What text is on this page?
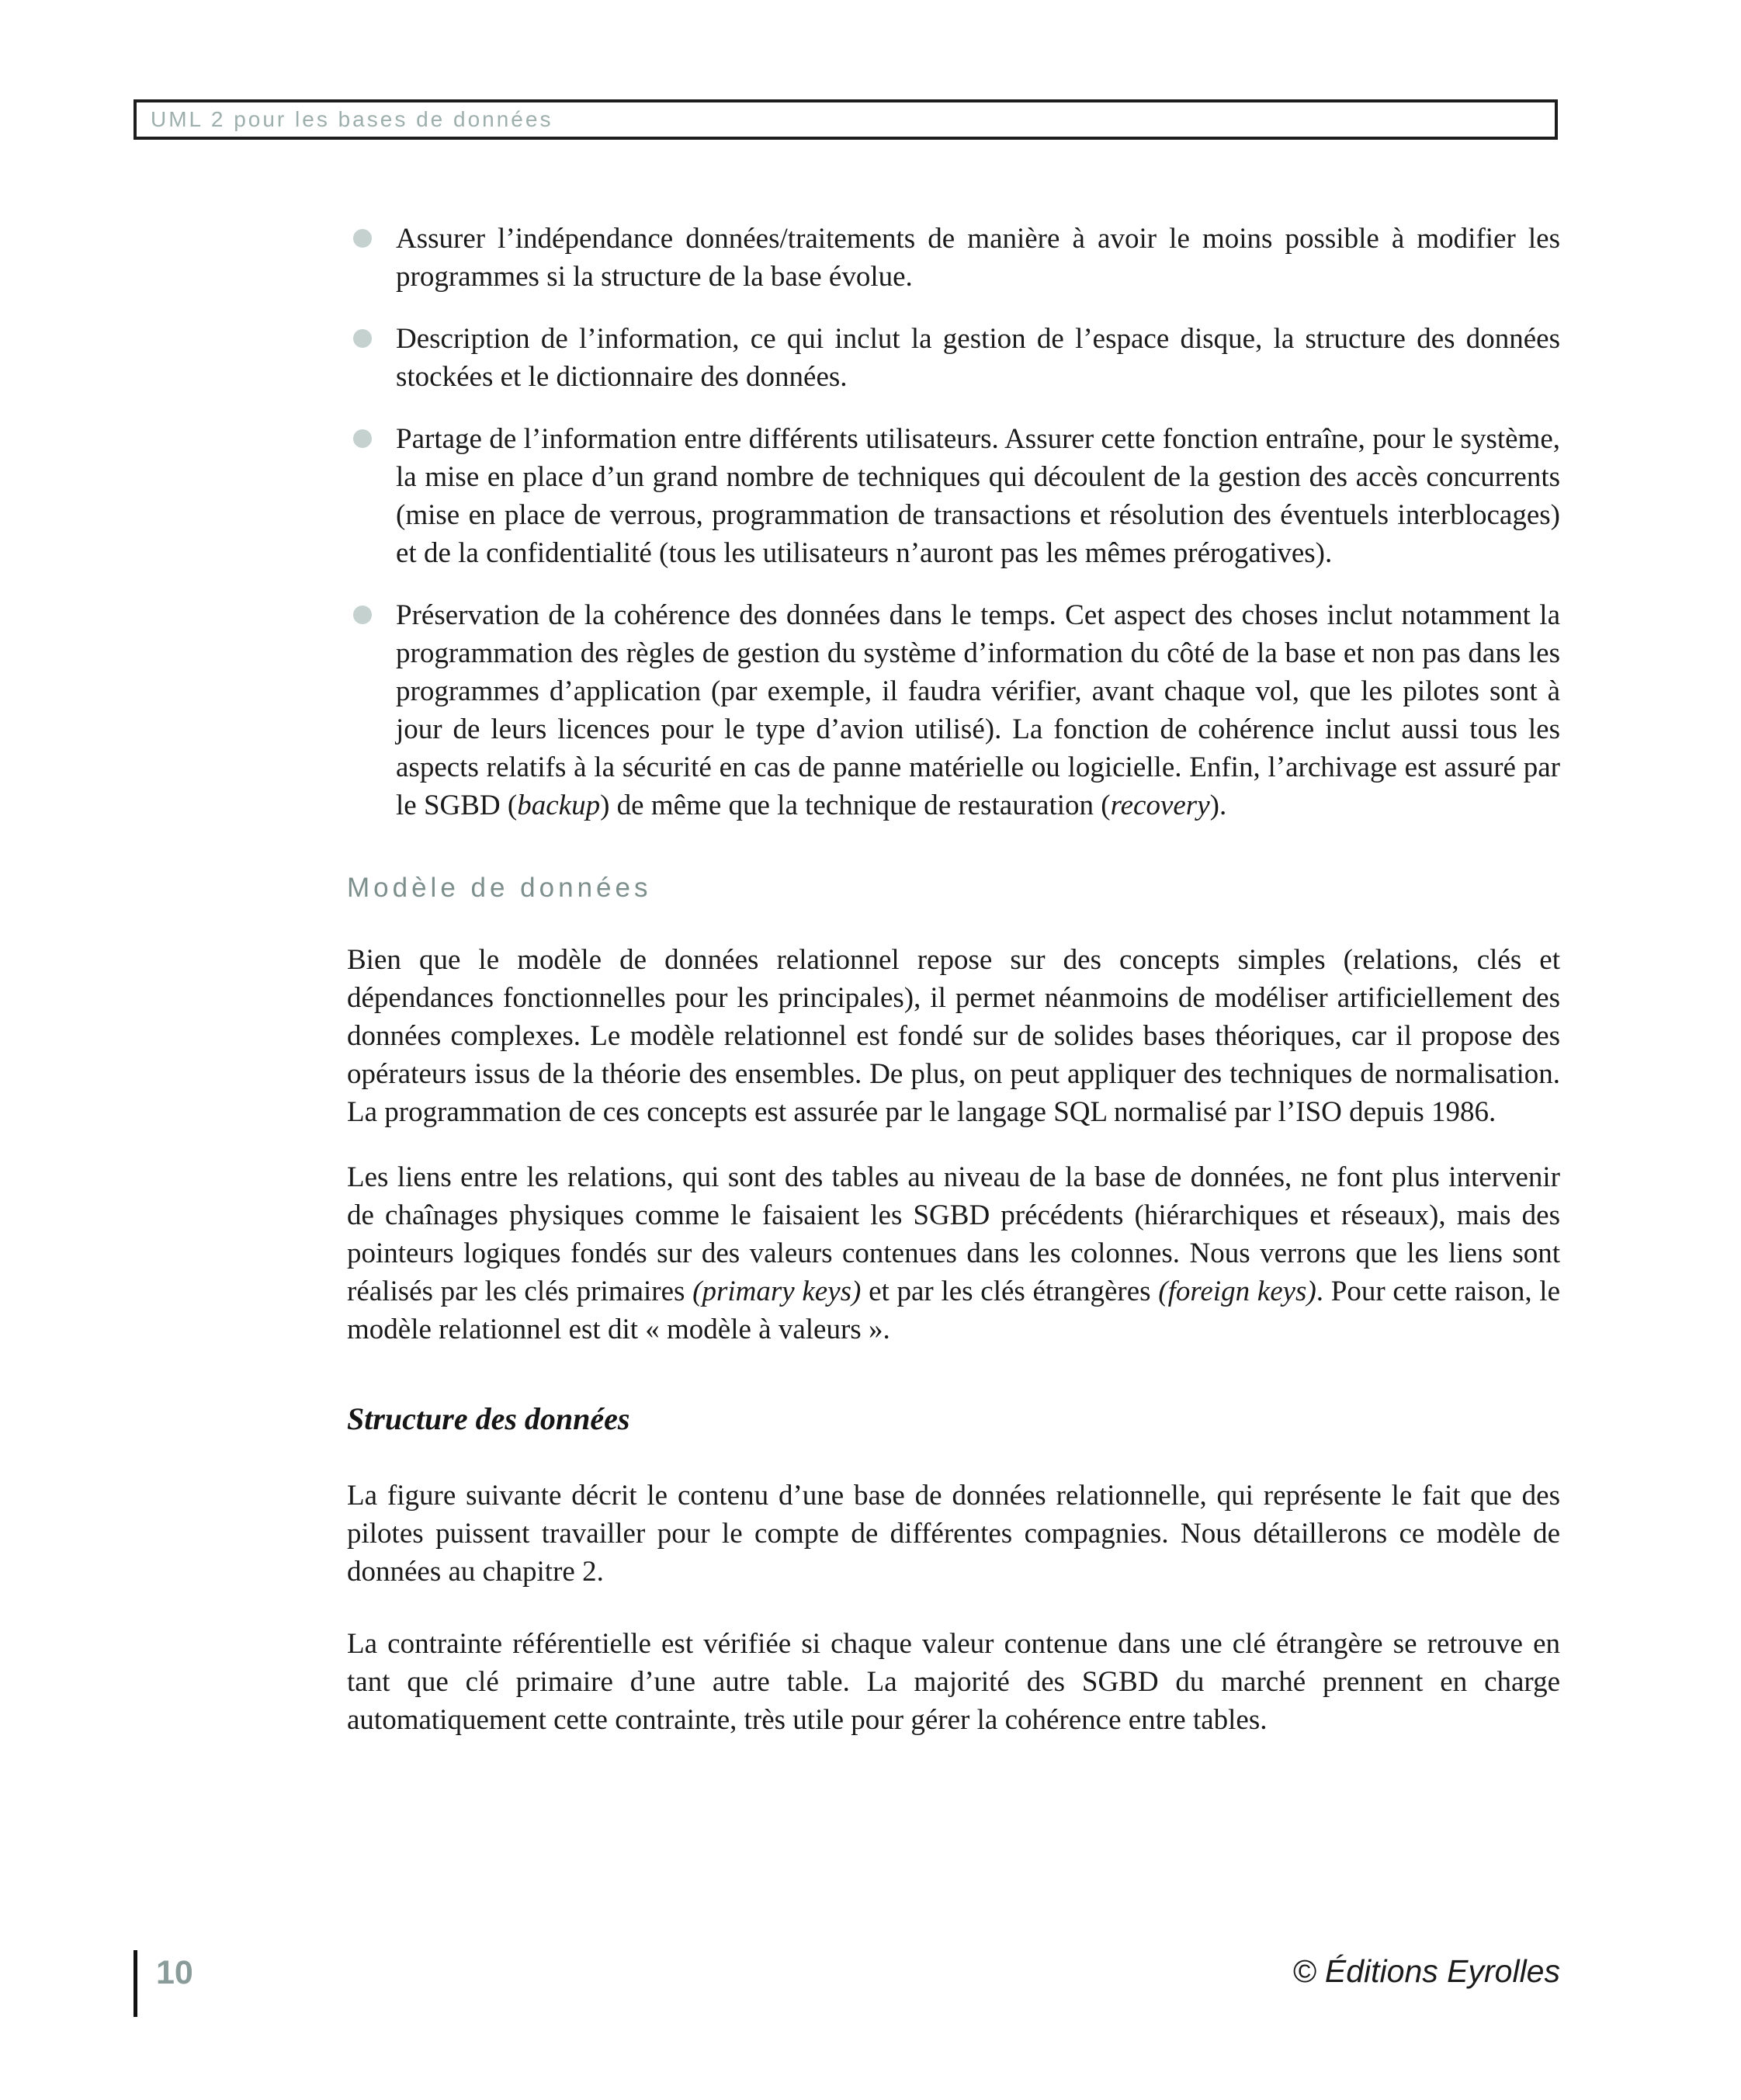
UML 2 pour les bases de données
Assurer l’indépendance données/traitements de manière à avoir le moins possible à modifier les programmes si la structure de la base évolue.
Description de l’information, ce qui inclut la gestion de l’espace disque, la structure des données stockées et le dictionnaire des données.
Partage de l’information entre différents utilisateurs. Assurer cette fonction entraîne, pour le système, la mise en place d’un grand nombre de techniques qui découlent de la gestion des accès concurrents (mise en place de verrous, programmation de transactions et résolution des éventuels interblocages) et de la confidentialité (tous les utilisateurs n’auront pas les mêmes prérogatives).
Préservation de la cohérence des données dans le temps. Cet aspect des choses inclut notamment la programmation des règles de gestion du système d’information du côté de la base et non pas dans les programmes d’application (par exemple, il faudra vérifier, avant chaque vol, que les pilotes sont à jour de leurs licences pour le type d’avion utilisé). La fonction de cohérence inclut aussi tous les aspects relatifs à la sécurité en cas de panne matérielle ou logicielle. Enfin, l’archivage est assuré par le SGBD (backup) de même que la technique de restauration (recovery).
Modèle de données

Bien que le modèle de données relationnel repose sur des concepts simples (relations, clés et dépendances fonctionnelles pour les principales), il permet néanmoins de modéliser artificiellement des données complexes. Le modèle relationnel est fondé sur de solides bases théoriques, car il propose des opérateurs issus de la théorie des ensembles. De plus, on peut appliquer des techniques de normalisation. La programmation de ces concepts est assurée par le langage SQL normalisé par l’ISO depuis 1986.

Les liens entre les relations, qui sont des tables au niveau de la base de données, ne font plus intervenir de chaînages physiques comme le faisaient les SGBD précédents (hiérarchiques et réseaux), mais des pointeurs logiques fondés sur des valeurs contenues dans les colonnes. Nous verrons que les liens sont réalisés par les clés primaires (primary keys) et par les clés étrangères (foreign keys). Pour cette raison, le modèle relationnel est dit « modèle à valeurs ».

Structure des données

La figure suivante décrit le contenu d’une base de données relationnelle, qui représente le fait que des pilotes puissent travailler pour le compte de différentes compagnies. Nous détaillerons ce modèle de données au chapitre 2.

La contrainte référentielle est vérifiée si chaque valeur contenue dans une clé étrangère se retrouve en tant que clé primaire d’une autre table. La majorité des SGBD du marché prennent en charge automatiquement cette contrainte, très utile pour gérer la cohérence entre tables.

10	© Éditions Eyrolles
